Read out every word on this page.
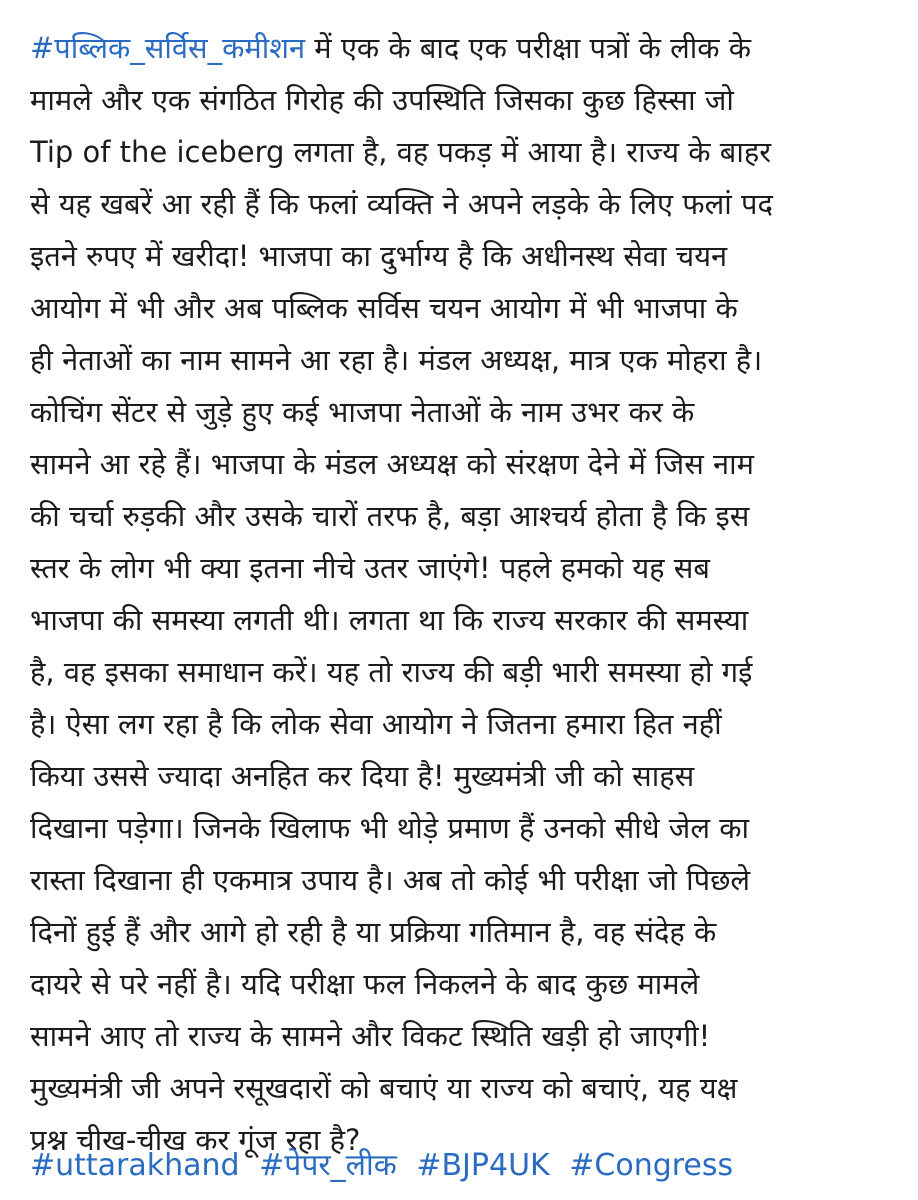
#पब्लिक_सर्विस_कमीशन में एक के बाद एक परीक्षा पत्रों के लीक के
मामले और एक संगठित गिरोह की उपस्थिति जिसका कुछ हिस्सा जो
Tip of the iceberg लगता है, वह पकड़ में आया है। राज्य के बाहर
से यह खबरें आ रही हैं कि फलां व्यक्ति ने अपने लड़के के लिए फलां पद
इतने रुपए में खरीदा! भाजपा का दुर्भाग्य है कि अधीनस्थ सेवा चयन
आयोग में भी और अब पब्लिक सर्विस चयन आयोग में भी भाजपा के
ही नेताओं का नाम सामने आ रहा है। मंडल अध्यक्ष, मात्र एक मोहरा है।
कोचिंग सेंटर से जुड़े हुए कई भाजपा नेताओं के नाम उभर कर के
सामने आ रहे हैं। भाजपा के मंडल अध्यक्ष को संरक्षण देने में जिस नाम
की चर्चा रुड़की और उसके चारों तरफ है, बड़ा आश्चर्य होता है कि इस
स्तर के लोग भी क्या इतना नीचे उतर जाएंगे! पहले हमको यह सब
भाजपा की समस्या लगती थी। लगता था कि राज्य सरकार की समस्या
है, वह इसका समाधान करें। यह तो राज्य की बड़ी भारी समस्या हो गई
है। ऐसा लग रहा है कि लोक सेवा आयोग ने जितना हमारा हित नहीं
किया उससे ज्यादा अनहित कर दिया है! मुख्यमंत्री जी को साहस
दिखाना पड़ेगा। जिनके खिलाफ भी थोड़े प्रमाण हैं उनको सीधे जेल का
रास्ता दिखाना ही एकमात्र उपाय है। अब तो कोई भी परीक्षा जो पिछले
दिनों हुई हैं और आगे हो रही है या प्रक्रिया गतिमान है, वह संदेह के
दायरे से परे नहीं है। यदि परीक्षा फल निकलने के बाद कुछ मामले
सामने आए तो राज्य के सामने और विकट स्थिति खड़ी हो जाएगी!
मुख्यमंत्री जी अपने रसूखदारों को बचाएं या राज्य को बचाएं, यह यक्ष
प्रश्न चीख-चीख कर गूंज रहा है?
#uttarakhand #पेपर_लीक #BJP4UK #Congress
